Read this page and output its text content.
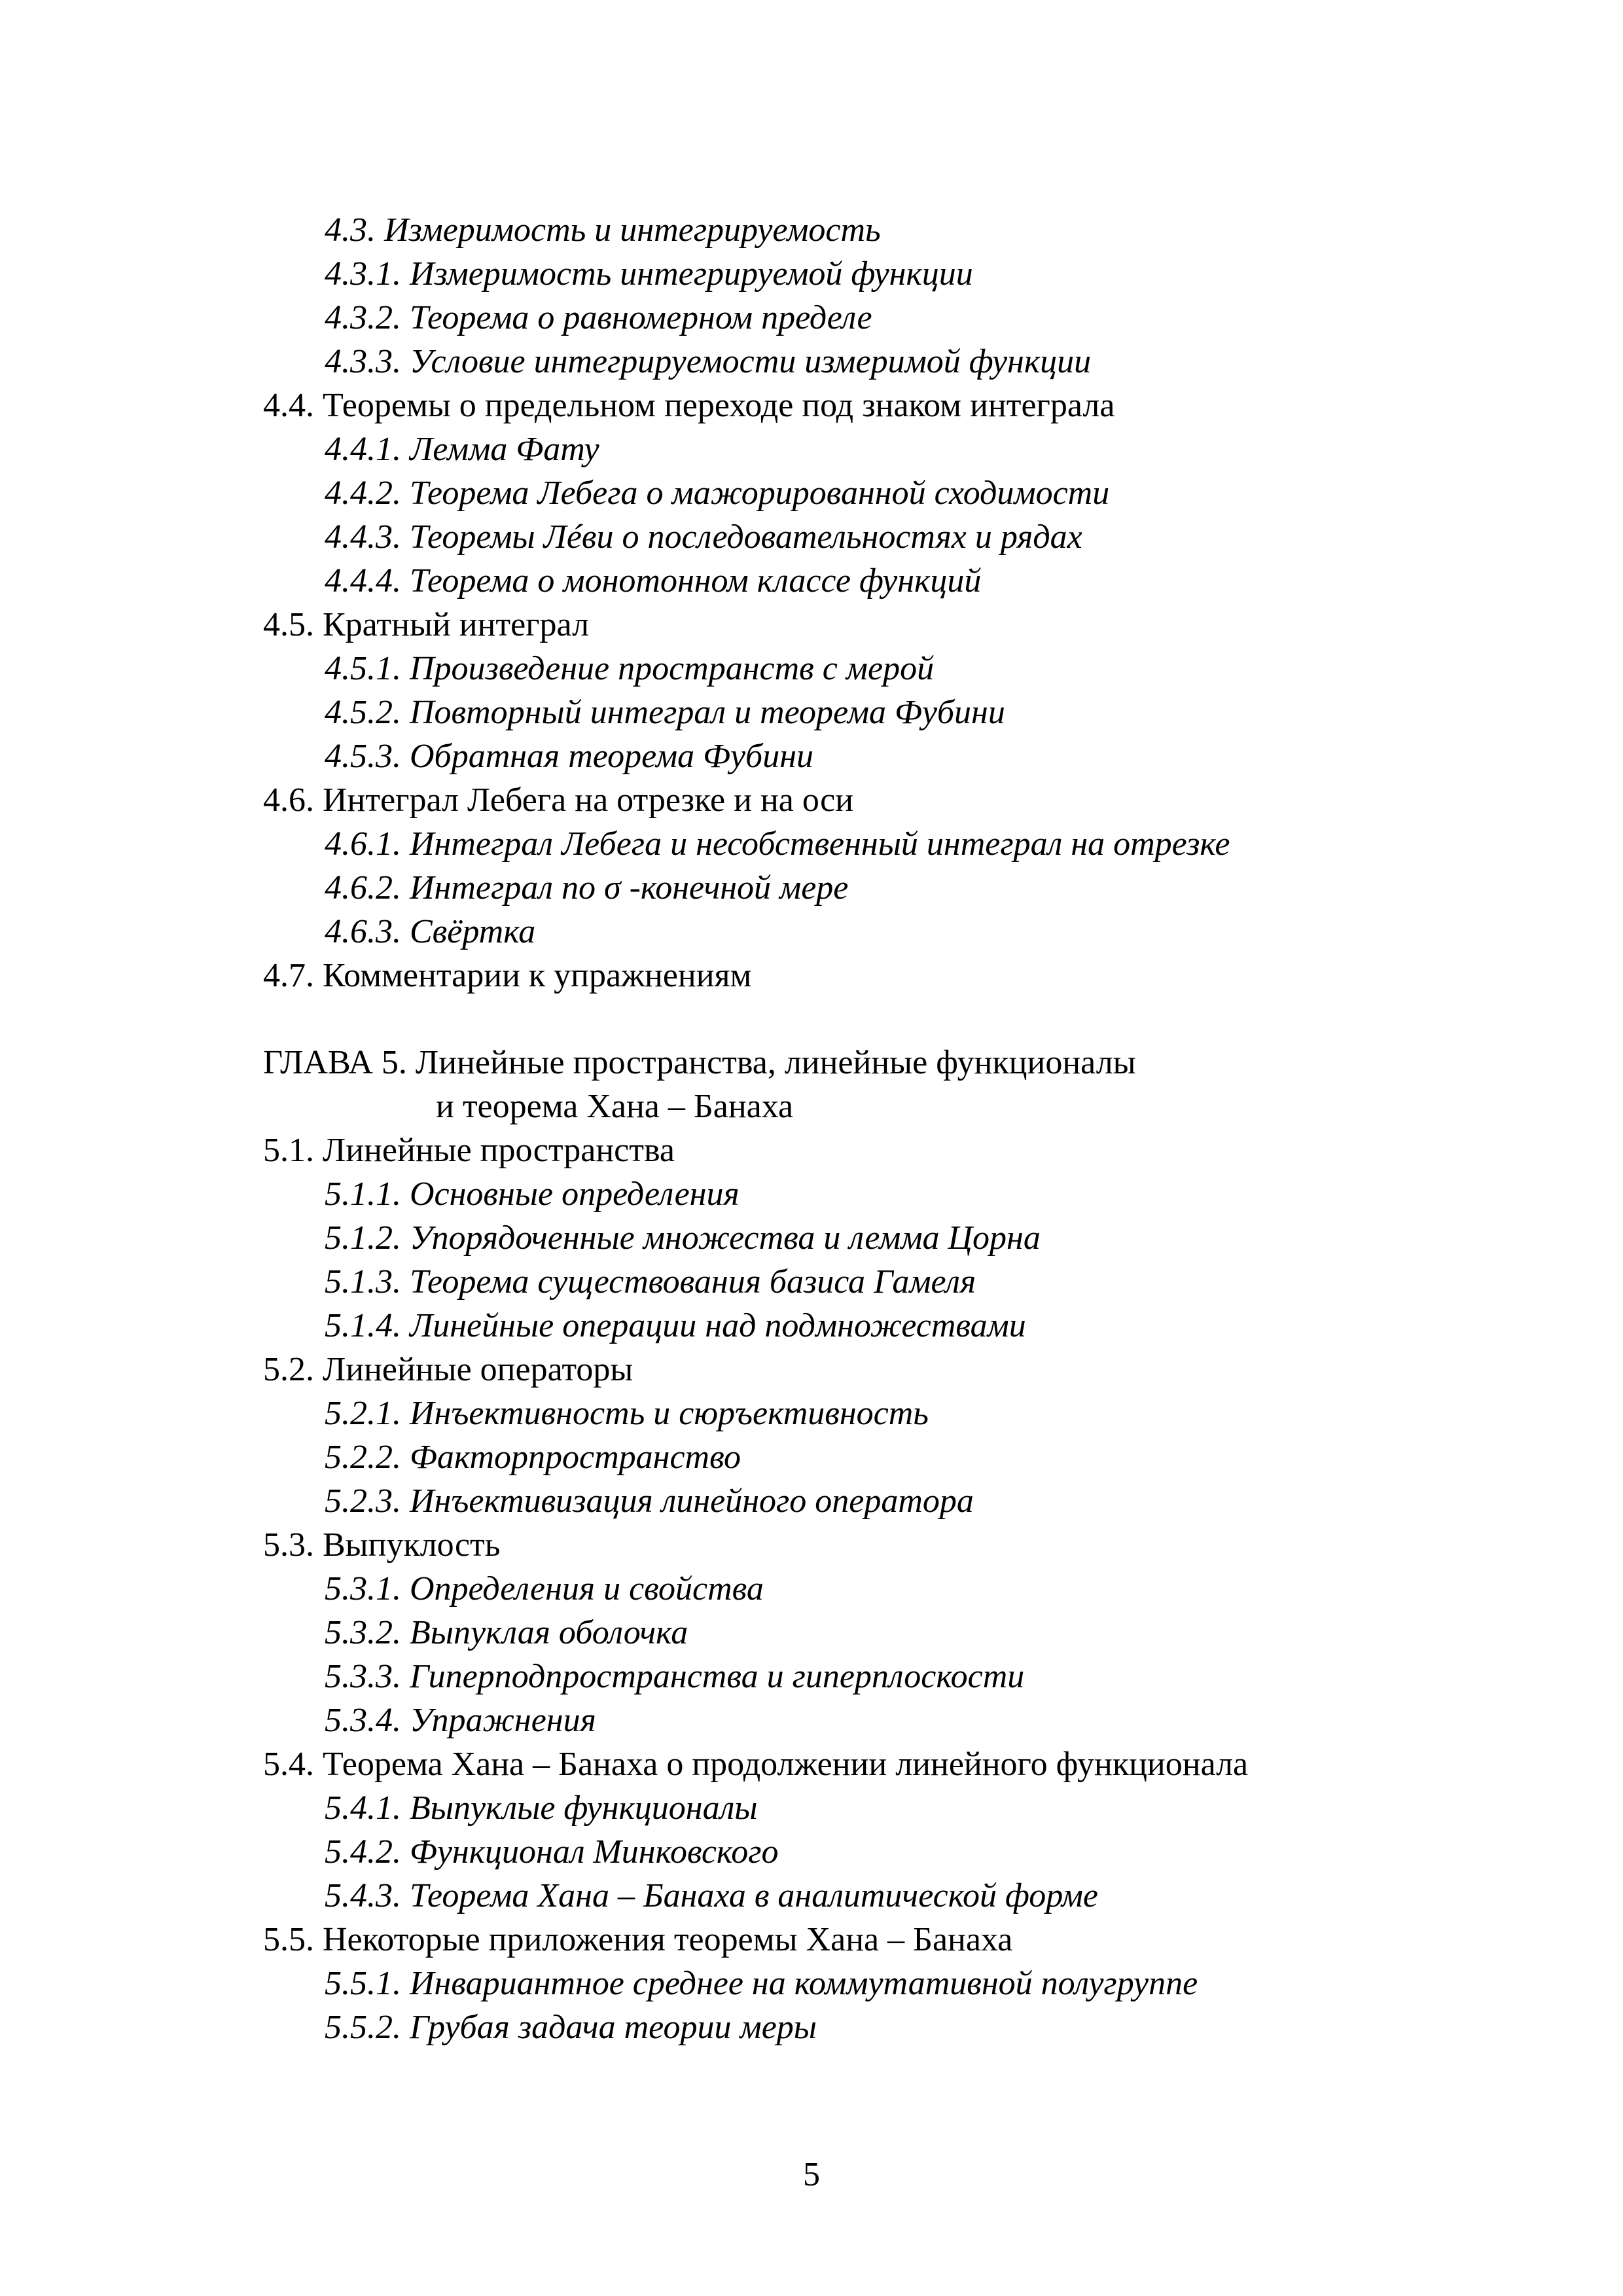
4.3. Измеримость и интегрируемость
4.3.1. Измеримость интегрируемой функции
4.3.2. Теорема о равномерном пределе
4.3.3. Условие интегрируемости измеримой функции
4.4. Теоремы о предельном переходе под знаком интеграла
4.4.1. Лемма Фату
4.4.2. Теорема Лебега о мажорированной сходимости
4.4.3. Теоремы Лéви о последовательностях и рядах
4.4.4. Теорема о монотонном классе функций
4.5. Кратный интеграл
4.5.1. Произведение пространств с мерой
4.5.2. Повторный интеграл и теорема Фубини
4.5.3. Обратная теорема Фубини
4.6. Интеграл Лебега на отрезке и на оси
4.6.1. Интеграл Лебега и несобственный интеграл на отрезке
4.6.2. Интеграл по σ -конечной мере
4.6.3. Свёртка
4.7. Комментарии к упражнениям
ГЛАВА 5. Линейные пространства, линейные функционалы
и теорема Хана – Банаха
5.1. Линейные пространства
5.1.1. Основные определения
5.1.2. Упорядоченные множества и лемма Цорна
5.1.3. Теорема существования базиса Гамеля
5.1.4. Линейные операции над подмножествами
5.2. Линейные операторы
5.2.1. Инъективность и сюръективность
5.2.2. Факторпространство
5.2.3. Инъективизация линейного оператора
5.3. Выпуклость
5.3.1. Определения и свойства
5.3.2. Выпуклая оболочка
5.3.3. Гиперподпространства и гиперплоскости
5.3.4. Упражнения
5.4. Теорема Хана – Банаха о продолжении линейного функционала
5.4.1. Выпуклые функционалы
5.4.2. Функционал Минковского
5.4.3. Теорема Хана – Банаха в аналитической форме
5.5. Некоторые приложения теоремы Хана – Банаха
5.5.1. Инвариантное среднее на коммутативной полугруппе
5.5.2. Грубая задача теории меры
5
